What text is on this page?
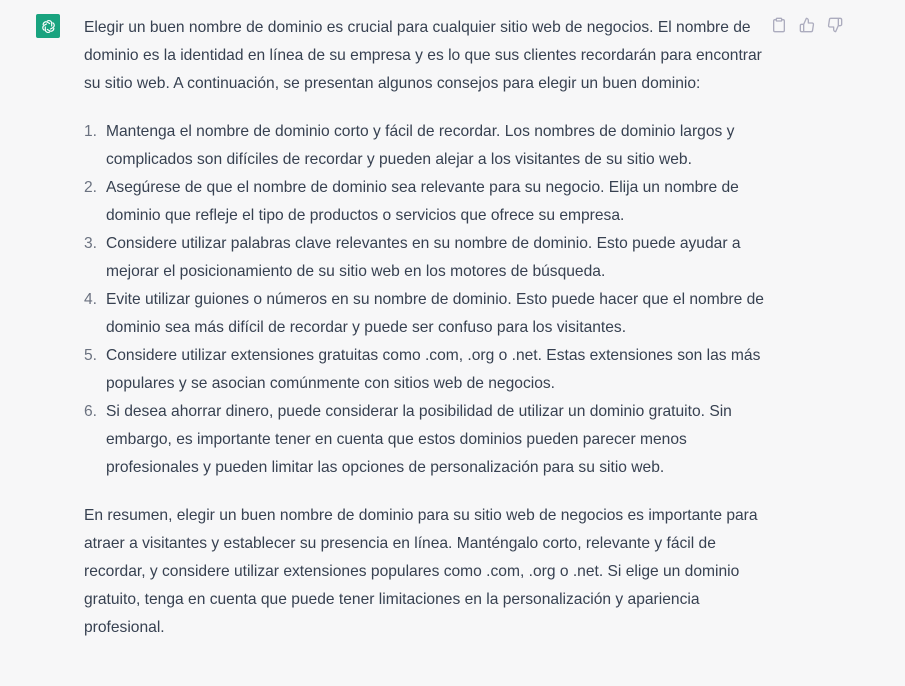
Elegir un buen nombre de dominio es crucial para cualquier sitio web de negocios. El nombre de dominio es la identidad en línea de su empresa y es lo que sus clientes recordarán para encontrar su sitio web. A continuación, se presentan algunos consejos para elegir un buen dominio:

1. Mantenga el nombre de dominio corto y fácil de recordar. Los nombres de dominio largos y complicados son difíciles de recordar y pueden alejar a los visitantes de su sitio web.
2. Asegúrese de que el nombre de dominio sea relevante para su negocio. Elija un nombre de dominio que refleje el tipo de productos o servicios que ofrece su empresa.
3. Considere utilizar palabras clave relevantes en su nombre de dominio. Esto puede ayudar a mejorar el posicionamiento de su sitio web en los motores de búsqueda.
4. Evite utilizar guiones o números en su nombre de dominio. Esto puede hacer que el nombre de dominio sea más difícil de recordar y puede ser confuso para los visitantes.
5. Considere utilizar extensiones gratuitas como .com, .org o .net. Estas extensiones son las más populares y se asocian comúnmente con sitios web de negocios.
6. Si desea ahorrar dinero, puede considerar la posibilidad de utilizar un dominio gratuito. Sin embargo, es importante tener en cuenta que estos dominios pueden parecer menos profesionales y pueden limitar las opciones de personalización para su sitio web.

En resumen, elegir un buen nombre de dominio para su sitio web de negocios es importante para atraer a visitantes y establecer su presencia en línea. Manténgalo corto, relevante y fácil de recordar, y considere utilizar extensiones populares como .com, .org o .net. Si elige un dominio gratuito, tenga en cuenta que puede tener limitaciones en la personalización y apariencia profesional.
